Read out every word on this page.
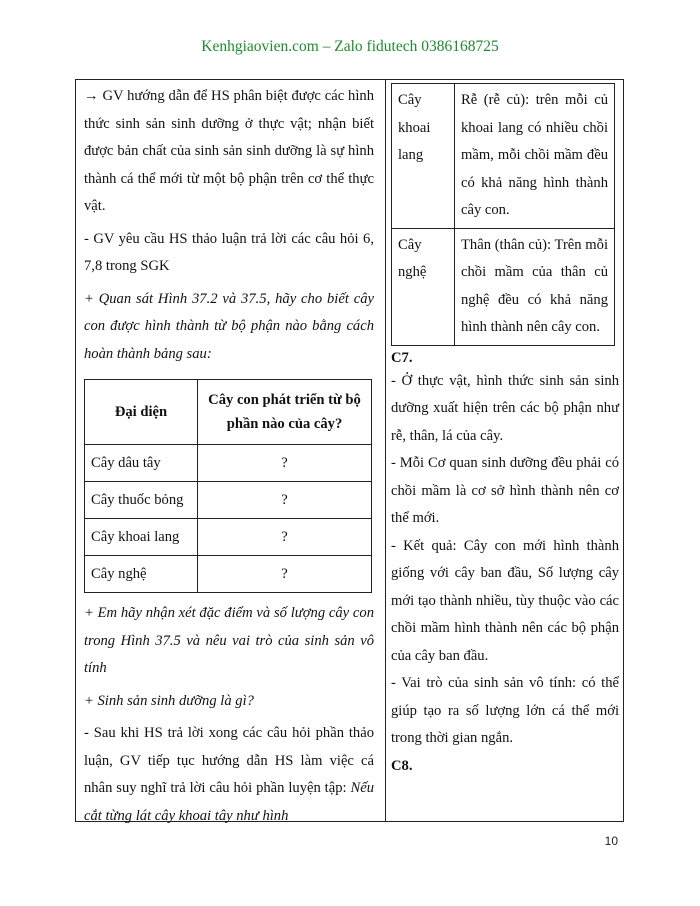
Kenhgiaovien.com – Zalo fidutech 0386168725

→ GV hướng dẫn để HS phân biệt được các hình thức sinh sản sinh dưỡng ở thực vật; nhận biết được bản chất của sinh sản sinh dưỡng là sự hình thành cá thể mới từ một bộ phận trên cơ thể thực vật.

- GV yêu cầu HS thảo luận trả lời các câu hỏi 6, 7,8 trong SGK

+ Quan sát Hình 37.2 và 37.5, hãy cho biết cây con được hình thành từ bộ phận nào bằng cách hoàn thành bảng sau:

Đại diện	Cây con phát triển từ bộ phần nào của cây?
Cây dâu tây	?
Cây thuốc bỏng	?
Cây khoai lang	?
Cây nghệ	?

+ Em hãy nhận xét đặc điểm và số lượng cây con trong Hình 37.5 và nêu vai trò của sinh sản vô tính

+ Sinh sản sinh dưỡng là gì?

- Sau khi HS trả lời xong các câu hỏi phần thảo luận, GV tiếp tục hướng dẫn HS làm việc cá nhân suy nghĩ trả lời câu hỏi phần luyện tập: Nếu cắt từng lát cây khoai tây như hình

Cây khoai lang	Rễ (rễ củ): trên mỗi củ khoai lang có nhiều chồi mầm, mỗi chồi mầm đều có khả năng hình thành cây con.
Cây nghệ	Thân (thân củ): Trên mỗi chồi mầm của thân củ nghệ đều có khả năng hình thành nên cây con.

C7.

- Ở thực vật, hình thức sinh sản sinh dưỡng xuất hiện trên các bộ phận như rễ, thân, lá của cây.

- Mỗi Cơ quan sinh dưỡng đều phải có chồi mầm là cơ sở hình thành nên cơ thể mới.

- Kết quả: Cây con mới hình thành giống với cây ban đầu, Số lượng cây mới tạo thành nhiều, tùy thuộc vào các chồi mầm hình thành nên các bộ phận của cây ban đầu.

- Vai trò của sinh sản vô tính: có thể giúp tạo ra số lượng lớn cá thể mới trong thời gian ngắn.

C8.

10
